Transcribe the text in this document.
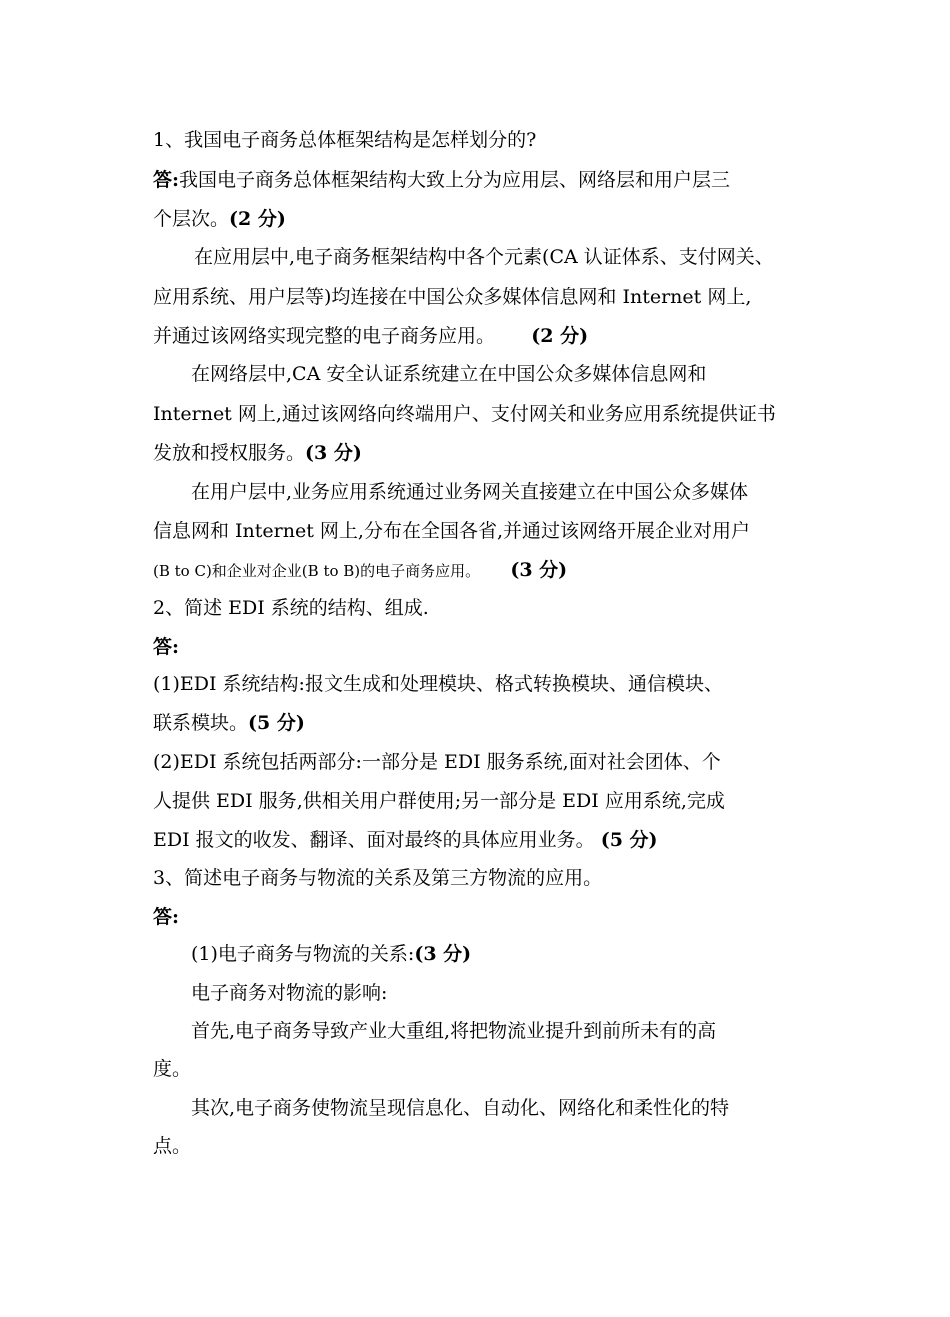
1、我国电子商务总体框架结构是怎样划分的?

答:我国电子商务总体框架结构大致上分为应用层、网络层和用户层三

个层次。(2 分)

在应用层中,电子商务框架结构中各个元素(CA 认证体系、支付网关、

应用系统、用户层等)均连接在中国公众多媒体信息网和 Internet 网上,

并通过该网络实现完整的电子商务应用。 (2 分)

在网络层中,CA 安全认证系统建立在中国公众多媒体信息网和

Internet 网上,通过该网络向终端用户、支付网关和业务应用系统提供证书

发放和授权服务。(3 分)

在用户层中,业务应用系统通过业务网关直接建立在中国公众多媒体

信息网和 Internet 网上,分布在全国各省,并通过该网络开展企业对用户

(B to C)和企业对企业(B to B)的电子商务应用。 (3 分)

2、简述 EDI 系统的结构、组成.

答:

(1)EDI 系统结构:报文生成和处理模块、格式转换模块、通信模块、

联系模块。(5 分)

(2)EDI 系统包括两部分:一部分是 EDI 服务系统,面对社会团体、个

人提供 EDI 服务,供相关用户群使用;另一部分是 EDI 应用系统,完成

EDI 报文的收发、翻译、面对最终的具体应用业务。 (5 分)

3、简述电子商务与物流的关系及第三方物流的应用。

答:

(1)电子商务与物流的关系:(3 分)

电子商务对物流的影响:

首先,电子商务导致产业大重组,将把物流业提升到前所未有的高

度。

其次,电子商务使物流呈现信息化、自动化、网络化和柔性化的特

点。
